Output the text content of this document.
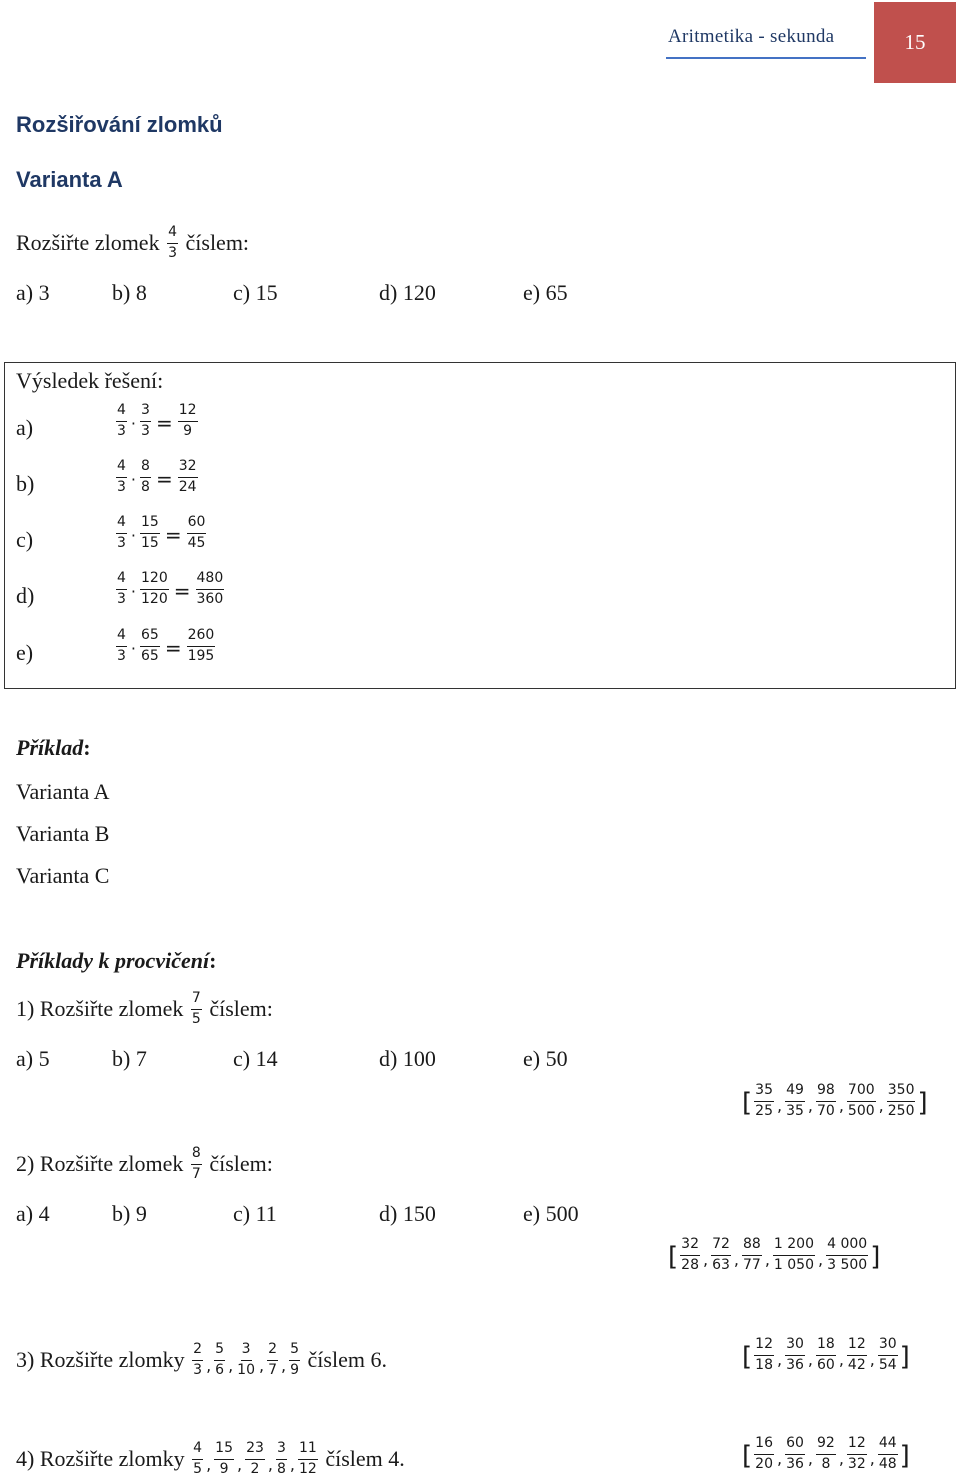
Aritmetika - sekunda	15
Rozšiřování zlomků
Varianta A
Rozšiřte zlomek $\frac{4}{3}$ číslem:
a) 3	b) 8	c) 15	d) 120	e) 65
Výsledek řešení:
Příklad:
Varianta A
Varianta B
Varianta C
Příklady k procvičení:
a)	$\frac{4}{3} \cdot \frac{3}{3} = \frac{12}{9}$
b)	$\frac{4}{3} \cdot \frac{8}{8} = \frac{32}{24}$
c)	$\frac{4}{3} \cdot \frac{15}{15} = \frac{60}{45}$
d)	$\frac{4}{3} \cdot \frac{120}{120} = \frac{480}{360}$
e)	$\frac{4}{3} \cdot \frac{65}{65} = \frac{260}{195}$
1) Rozšiřte zlomek $\frac{7}{5}$ číslem:
a) 5	b) 7	c) 14	d) 100	e) 50
[ $\frac{35}{25}$ , $\frac{49}{35}$ , $\frac{98}{70}$ , $\frac{700}{500}$ , $\frac{350}{250}$ ]
2) Rozšiřte zlomek $\frac{8}{7}$ číslem:
a) 4	b) 9	c) 11	d) 150	e) 500
[ $\frac{32}{28}$ , $\frac{72}{63}$ , $\frac{88}{77}$ , $\frac{1 200}{1 050}$ , $\frac{4 000}{3 500}$ ]
3) Rozšiřte zlomky $\frac{2}{3}$ , $\frac{5}{6}$ , $\frac{3}{10}$ , $\frac{2}{7}$ , $\frac{5}{9}$ číslem 6.	[ $\frac{12}{18}$ , $\frac{30}{36}$ , $\frac{18}{60}$ , $\frac{12}{42}$ , $\frac{30}{54}$ ]
4) Rozšiřte zlomky $\frac{4}{5}$ , $\frac{15}{9}$ , $\frac{23}{2}$ , $\frac{3}{8}$ , $\frac{11}{12}$ číslem 4.	[ $\frac{16}{20}$ , $\frac{60}{36}$ , $\frac{92}{8}$ , $\frac{12}{32}$ , $\frac{44}{48}$ ]
